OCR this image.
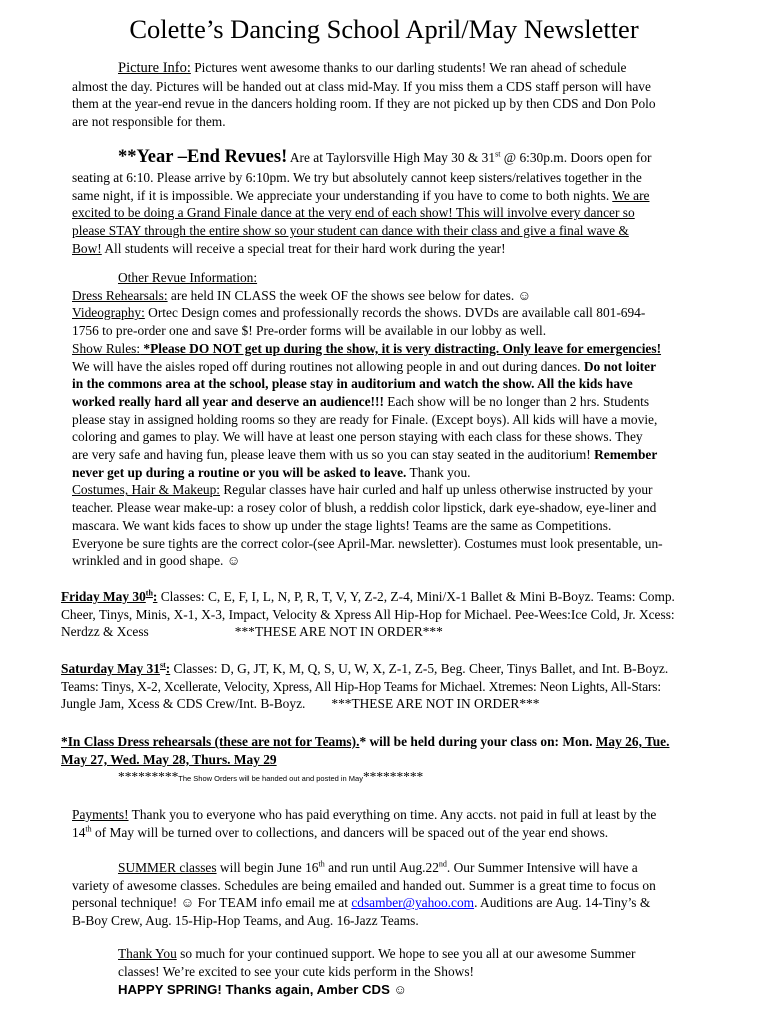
Colette’s Dancing School April/May Newsletter
Picture Info: Pictures went awesome thanks to our darling students! We ran ahead of schedule
almost the day. Pictures will be handed out at class mid-May. If you miss them a CDS staff person will have
them at the year-end revue in the dancers holding room. If they are not picked up by then CDS and Don Polo
are not responsible for them.
**Year –End Revues! Are at Taylorsville High May 30 & 31st @ 6:30p.m. Doors open for
seating at 6:10. Please arrive by 6:10pm. We try but absolutely cannot keep sisters/relatives together in the
same night, if it is impossible. We appreciate your understanding if you have to come to both nights. We are
excited to be doing a Grand Finale dance at the very end of each show! This will involve every dancer so
please STAY through the entire show so your student can dance with their class and give a final wave &
Bow! All students will receive a special treat for their hard work during the year!
Other Revue Information:
Dress Rehearsals: are held IN CLASS the week OF the shows see below for dates. ☺
Videography: Ortec Design comes and professionally records the shows. DVDs are available call 801-694-
1756 to pre-order one and save $! Pre-order forms will be available in our lobby as well.
Show Rules: *Please DO NOT get up during the show, it is very distracting. Only leave for emergencies!
We will have the aisles roped off during routines not allowing people in and out during dances. Do not loiter
in the commons area at the school, please stay in auditorium and watch the show. All the kids have
worked really hard all year and deserve an audience!!! Each show will be no longer than 2 hrs. Students
please stay in assigned holding rooms so they are ready for Finale. (Except boys). All kids will have a movie,
coloring and games to play. We will have at least one person staying with each class for these shows. They
are very safe and having fun, please leave them with us so you can stay seated in the auditorium! Remember
never get up during a routine or you will be asked to leave. Thank you.
Costumes, Hair & Makeup: Regular classes have hair curled and half up unless otherwise instructed by your
teacher. Please wear make-up: a rosey color of blush, a reddish color lipstick, dark eye-shadow, eye-liner and
mascara. We want kids faces to show up under the stage lights! Teams are the same as Competitions.
Everyone be sure tights are the correct color-(see April-Mar. newsletter). Costumes must look presentable, un-
wrinkled and in good shape. ☺
Friday May 30th: Classes: C, E, F, I, L, N, P, R, T, V, Y, Z-2, Z-4, Mini/X-1 Ballet & Mini B-Boyz. Teams: Comp.
Cheer, Tinys, Minis, X-1, X-3, Impact, Velocity & Xpress All Hip-Hop for Michael. Pee-Wees:Ice Cold, Jr. Xcess:
Nerdzz & Xcess	***THESE ARE NOT IN ORDER***
Saturday May 31st: Classes: D, G, JT, K, M, Q, S, U, W, X, Z-1, Z-5, Beg. Cheer, Tinys Ballet, and Int. B-Boyz.
Teams: Tinys, X-2, Xcellerate, Velocity, Xpress, All Hip-Hop Teams for Michael. Xtremes: Neon Lights, All-Stars:
Jungle Jam, Xcess & CDS Crew/Int. B-Boyz. ***THESE ARE NOT IN ORDER***
*In Class Dress rehearsals (these are not for Teams).* will be held during your class on: Mon. May 26, Tue.
May 27, Wed. May 28, Thurs. May 29
*********The Show Orders will be handed out and posted in May*********
Payments! Thank you to everyone who has paid everything on time. Any accts. not paid in full at least by the
14th of May will be turned over to collections, and dancers will be spaced out of the year end shows.
SUMMER classes will begin June 16th and run until Aug.22nd. Our Summer Intensive will have a
variety of awesome classes. Schedules are being emailed and handed out. Summer is a great time to focus on
personal technique! ☺ For TEAM info email me at cdsamber@yahoo.com. Auditions are Aug. 14-Tiny’s &
B-Boy Crew, Aug. 15-Hip-Hop Teams, and Aug. 16-Jazz Teams.
Thank You so much for your continued support. We hope to see you all at our awesome Summer
classes! We’re excited to see your cute kids perform in the Shows!
HAPPY SPRING! Thanks again, Amber CDS ☺
